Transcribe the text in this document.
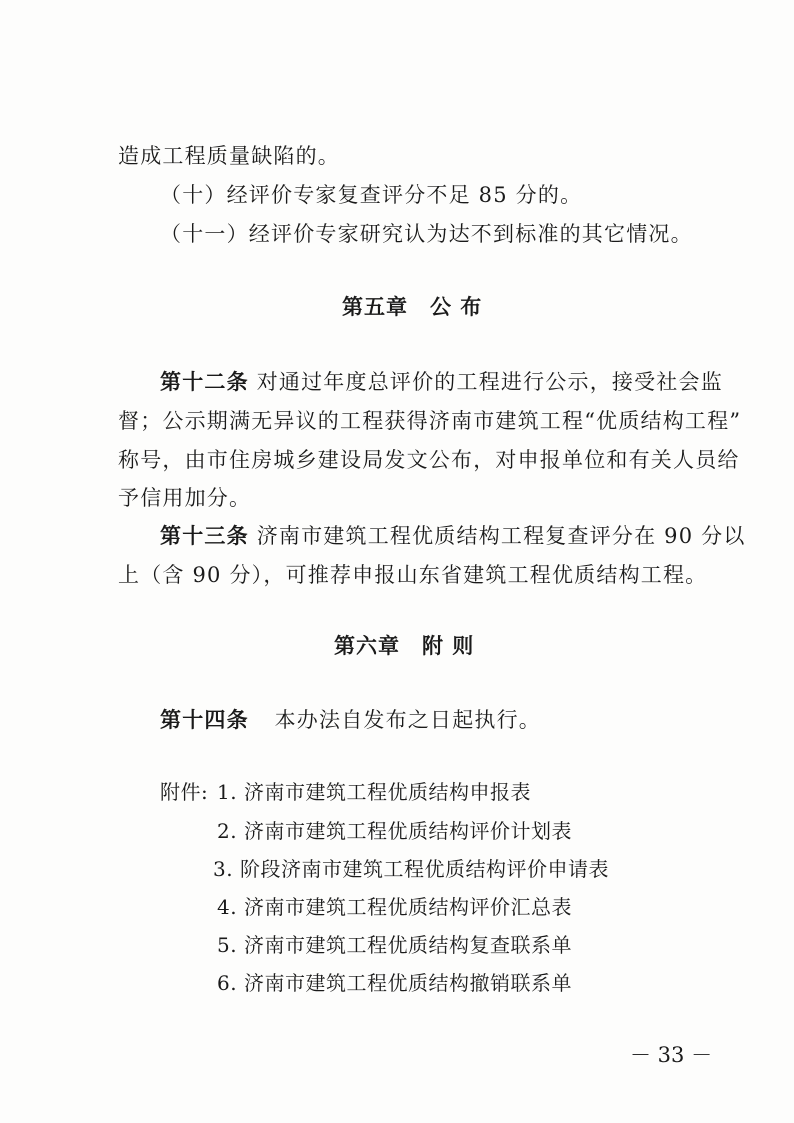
造成工程质量缺陷的。
（十）经评价专家复查评分不足 85 分的。
（十一）经评价专家研究认为达不到标准的其它情况。
第五章 公 布
第十二条 对通过年度总评价的工程进行公示，接受社会监
督；公示期满无异议的工程获得济南市建筑工程“优质结构工程”
称号，由市住房城乡建设局发文公布，对申报单位和有关人员给
予信用加分。
第十三条 济南市建筑工程优质结构工程复查评分在 90 分以
上（含 90 分），可推荐申报山东省建筑工程优质结构工程。
第六章 附 则
第十四条 本办法自发布之日起执行。
附件: 1. 济南市建筑工程优质结构申报表
2. 济南市建筑工程优质结构评价计划表
3. 阶段济南市建筑工程优质结构评价申请表
4. 济南市建筑工程优质结构评价汇总表
5. 济南市建筑工程优质结构复查联系单
6. 济南市建筑工程优质结构撤销联系单
－ 33 －
